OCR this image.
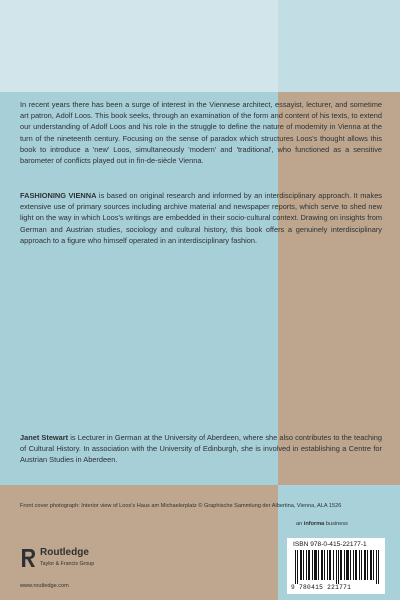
In recent years there has been a surge of interest in the Viennese architect, essayist, lecturer, and sometime art patron, Adolf Loos. This book seeks, through an examination of the form and content of his texts, to extend our understanding of Adolf Loos and his role in the struggle to define the nature of modernity in Vienna at the turn of the nineteenth century. Focusing on the sense of paradox which structures Loos's thought allows this book to introduce a 'new' Loos, simultaneously 'modern' and 'traditional', who functioned as a sensitive barometer of conflicts played out in fin-de-siècle Vienna.
FASHIONING VIENNA is based on original research and informed by an interdisciplinary approach. It makes extensive use of primary sources including archive material and newspaper reports, which serve to shed new light on the way in which Loos's writings are embedded in their socio-cultural context. Drawing on insights from German and Austrian studies, sociology and cultural history, this book offers a genuinely interdisciplinary approach to a figure who himself operated in an interdisciplinary fashion.
Janet Stewart is Lecturer in German at the University of Aberdeen, where she also contributes to the teaching of Cultural History. In association with the University of Edinburgh, she is involved in establishing a Centre for Austrian Studies in Aberdeen.
Front cover photograph: Interior view of Loos's Haus am Michaelerplatz © Graphische Sammlung der Albertina, Vienna, ALA 1526
Routledge
Taylor & Francis Group
www.routledge.com
an informa business
ISBN 978-0-415-22177-1
9 780415 221771
